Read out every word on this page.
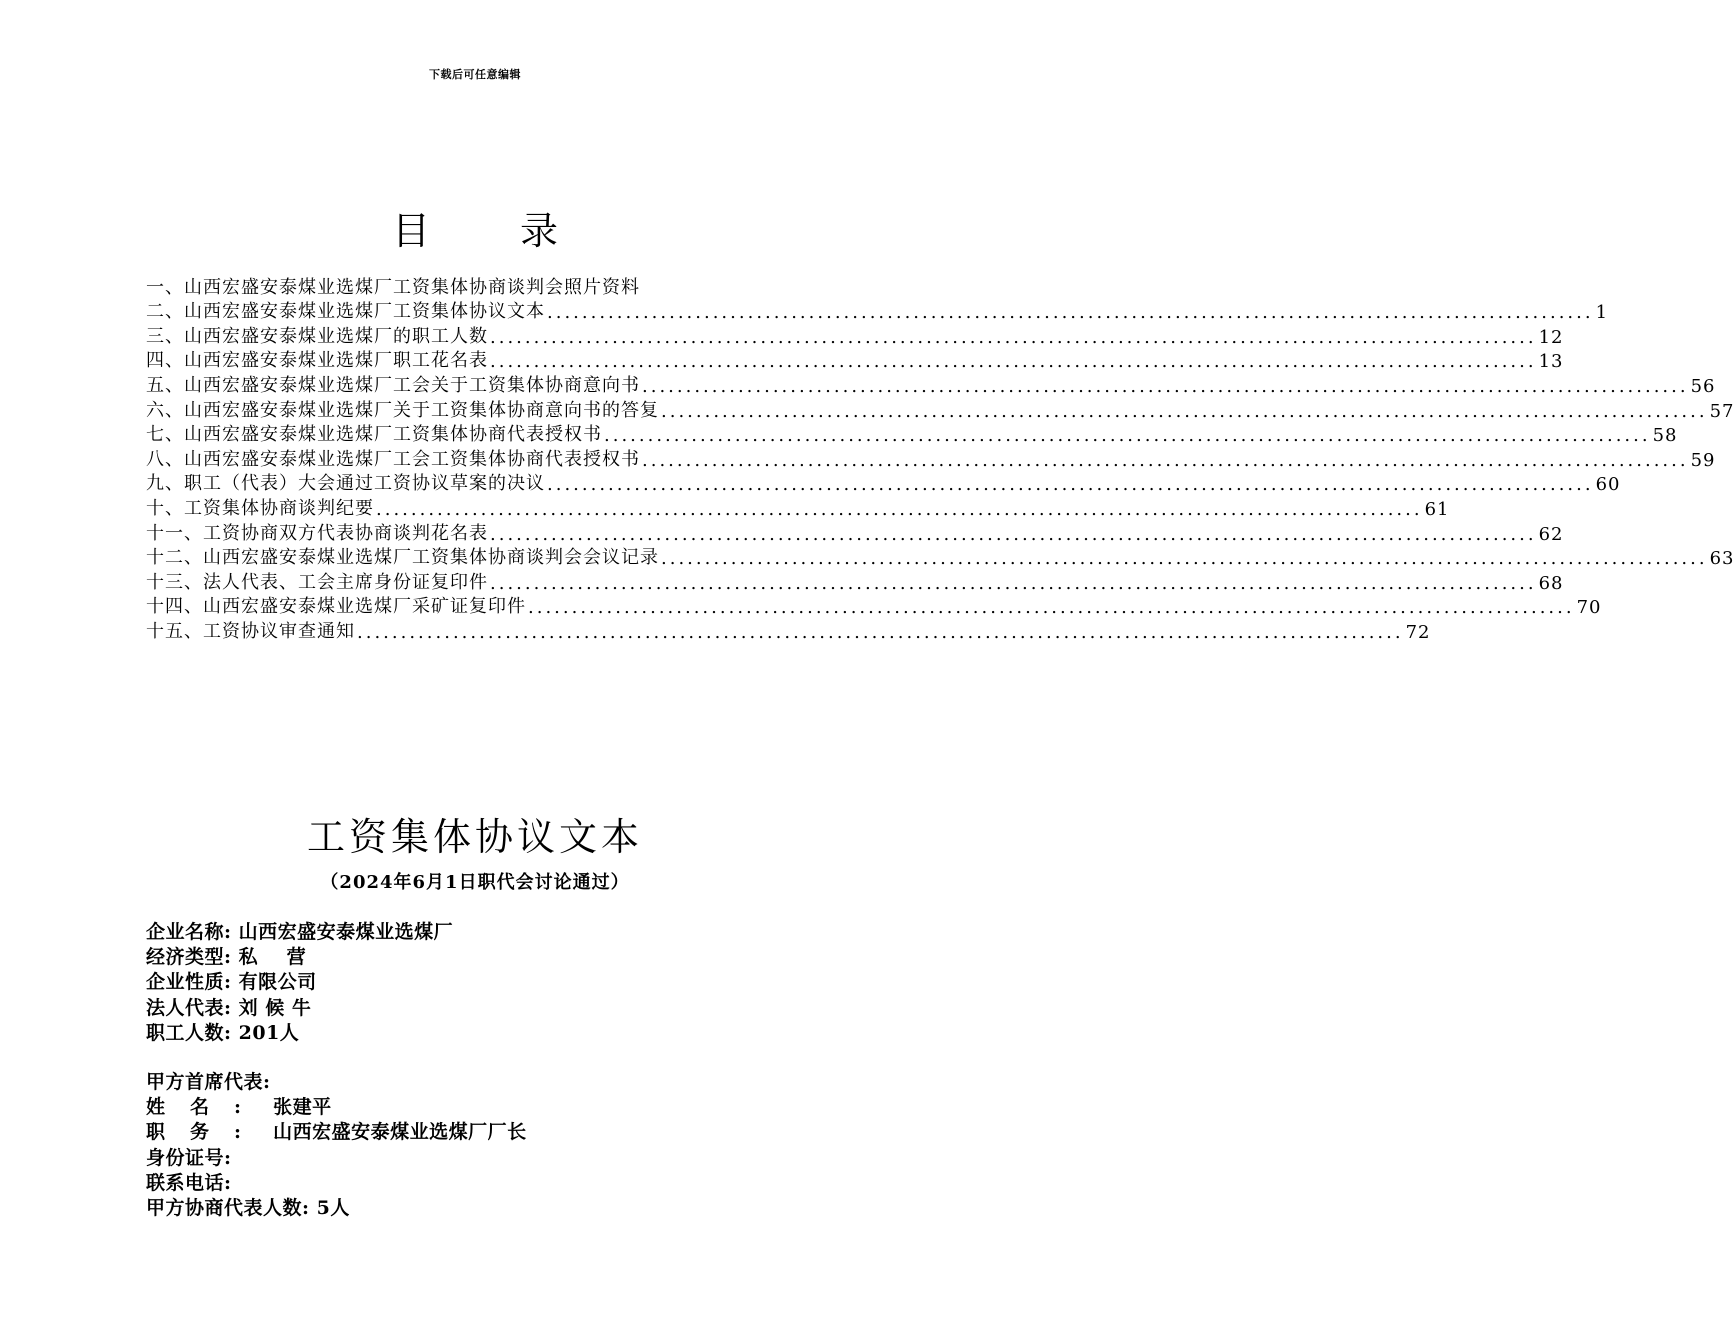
下载后可任意编辑
目录
一、山西宏盛安泰煤业选煤厂工资集体协商谈判会照片资料
二、山西宏盛安泰煤业选煤厂工资集体协议文本 ........................................................................................................................ 1
三、山西宏盛安泰煤业选煤厂的职工人数 ........................................................................................................................ 12
四、山西宏盛安泰煤业选煤厂职工花名表 ........................................................................................................................ 13
五、山西宏盛安泰煤业选煤厂工会关于工资集体协商意向书 ........................................................................................................................ 56
六、山西宏盛安泰煤业选煤厂关于工资集体协商意向书的答复 ........................................................................................................................ 57
七、山西宏盛安泰煤业选煤厂工资集体协商代表授权书 ........................................................................................................................ 58
八、山西宏盛安泰煤业选煤厂工会工资集体协商代表授权书 ........................................................................................................................ 59
九、职工（代表）大会通过工资协议草案的决议 ........................................................................................................................ 60
十、工资集体协商谈判纪要 ........................................................................................................................ 61
十一、工资协商双方代表协商谈判花名表 ........................................................................................................................ 62
十二、山西宏盛安泰煤业选煤厂工资集体协商谈判会会议记录 ........................................................................................................................ 63
十三、法人代表、工会主席身份证复印件 ........................................................................................................................ 68
十四、山西宏盛安泰煤业选煤厂采矿证复印件 ........................................................................................................................ 70
十五、工资协议审查通知 ........................................................................................................................ 72
工资集体协议文本
（2024年6月1日职代会讨论通过）
企业名称: 山西宏盛安泰煤业选煤厂
经济类型: 私    营
企业性质: 有限公司
法人代表: 刘 候 牛
职工人数: 201人
甲方首席代表:
姓名: 张建平
职务: 山西宏盛安泰煤业选煤厂厂长
身份证号:
联系电话:
甲方协商代表人数: 5人
